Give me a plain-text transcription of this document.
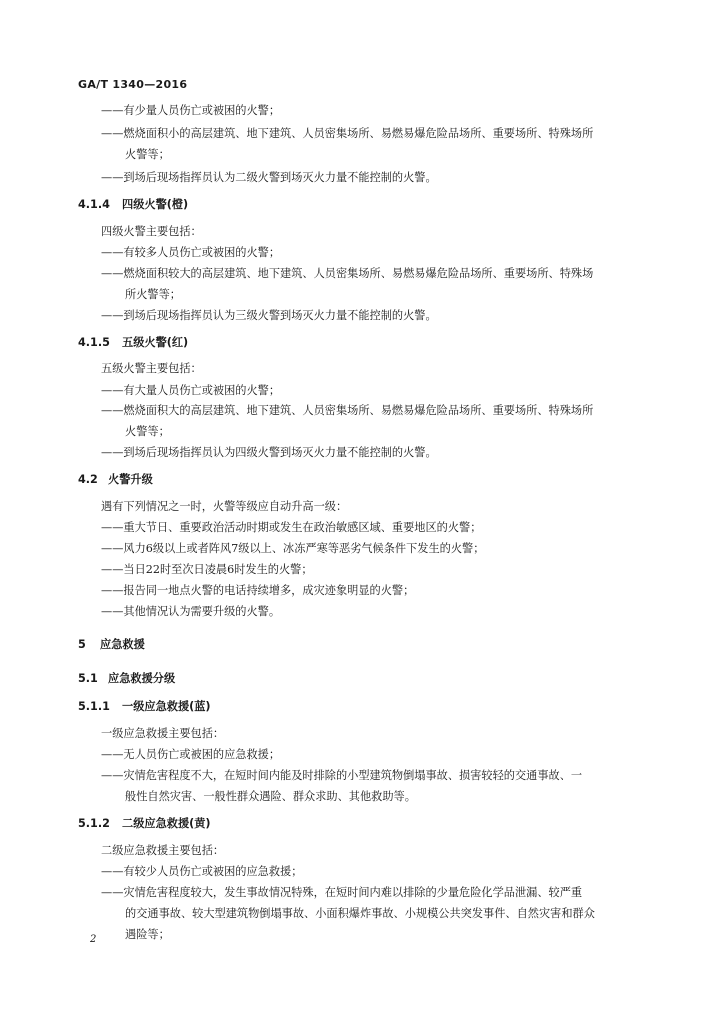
GA/T 1340—2016
——有少量人员伤亡或被困的火警；
——燃烧面积小的高层建筑、地下建筑、人员密集场所、易燃易爆危险品场所、重要场所、特殊场所
火警等；
——到场后现场指挥员认为二级火警到场灭火力量不能控制的火警。
4.1.4 四级火警(橙)
四级火警主要包括：
——有较多人员伤亡或被困的火警；
——燃烧面积较大的高层建筑、地下建筑、人员密集场所、易燃易爆危险品场所、重要场所、特殊场
所火警等；
——到场后现场指挥员认为三级火警到场灭火力量不能控制的火警。
4.1.5 五级火警(红)
五级火警主要包括：
——有大量人员伤亡或被困的火警；
——燃烧面积大的高层建筑、地下建筑、人员密集场所、易燃易爆危险品场所、重要场所、特殊场所
火警等；
——到场后现场指挥员认为四级火警到场灭火力量不能控制的火警。
4.2 火警升级
遇有下列情况之一时，火警等级应自动升高一级：
——重大节日、重要政治活动时期或发生在政治敏感区域、重要地区的火警；
——风力6级以上或者阵风7级以上、冰冻严寒等恶劣气候条件下发生的火警；
——当日22时至次日凌晨6时发生的火警；
——报告同一地点火警的电话持续增多，成灾迹象明显的火警；
——其他情况认为需要升级的火警。
5 应急救援
5.1 应急救援分级
5.1.1 一级应急救援(蓝)
一级应急救援主要包括：
——无人员伤亡或被困的应急救援；
——灾情危害程度不大，在短时间内能及时排除的小型建筑物倒塌事故、损害较轻的交通事故、一
般性自然灾害、一般性群众遇险、群众求助、其他救助等。
5.1.2 二级应急救援(黄)
二级应急救援主要包括：
——有较少人员伤亡或被困的应急救援；
——灾情危害程度较大，发生事故情况特殊，在短时间内难以排除的少量危险化学品泄漏、较严重
的交通事故、较大型建筑物倒塌事故、小面积爆炸事故、小规模公共突发事件、自然灾害和群众
遇险等；
2
